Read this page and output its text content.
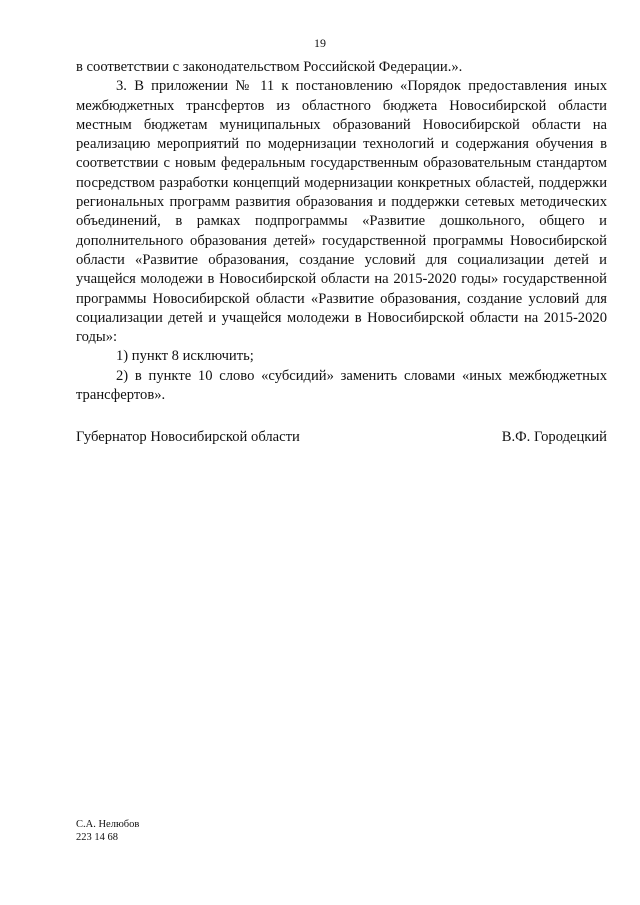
19

в соответствии с законодательством Российской Федерации.».

3. В приложении № 11 к постановлению «Порядок предоставления иных межбюджетных трансфертов из областного бюджета Новосибирской области местным бюджетам муниципальных образований Новосибирской области на реализацию мероприятий по модернизации технологий и содержания обучения в соответствии с новым федеральным государственным образовательным стандартом посредством разработки концепций модернизации конкретных областей, поддержки региональных программ развития образования и поддержки сетевых методических объединений, в рамках подпрограммы «Развитие дошкольного, общего и дополнительного образования детей» государственной программы Новосибирской области «Развитие образования, создание условий для социализации детей и учащейся молодежи в Новосибирской области на 2015-2020 годы» государственной программы Новосибирской области «Развитие образования, создание условий для социализации детей и учащейся молодежи в Новосибирской области на 2015-2020 годы»:

1) пункт 8 исключить;

2) в пункте 10 слово «субсидий» заменить словами «иных межбюджетных трансфертов».

Губернатор Новосибирской области	В.Ф. Городецкий
С.А. Нелюбов
223 14 68
